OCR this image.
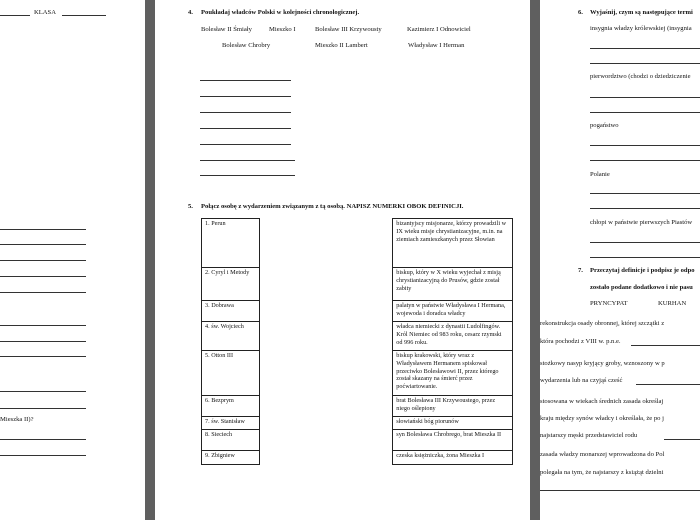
KLASA
Mieszka II)?
4. Poukładaj władców Polski w kolejności chronologicznej.
Bolesław II Śmiały	Mieszko I	Bolesław III Krzywousty	Kazimierz I Odnowiciel
Bolesław Chrobry	Mieszko II Lambert	Władysław I Herman
5. Połącz osobę z wydarzeniem związanym z tą osobą. NAPISZ NUMERKI OBOK DEFINICJI.
1. Perun		bizantyjscy misjonarze, którzy prowadzili w IX wieku misje chrystianizacyjne, m.in. na ziemiach zamieszkanych przez Słowian
2. Cyryl i Metody		biskup, który w X wieku wyjechał z misją chrystianizacyjną do Prusów, gdzie został zabity
3. Dobrawa		palatyn w państwie Władysława I Hermana, wojewoda i doradca władcy
4. św. Wojciech		władca niemiecki z dynastii Ludolfingów. Król Niemiec od 983 roku, cesarz rzymski od 996 roku.
5. Otton III		biskup krakowski, który wraz z Władysławem Hermanem spiskował przeciwko Bolesławowi II, przez którego został skazany na śmierć przez poćwiartowanie.
6. Bezprym		brat Bolesława III Krzywoustego, przez niego oślepiony
7. św. Stanisław		słowiański bóg piorunów
8. Sieciech		syn Bolesława Chrobrego, brat Mieszka II
9. Zbigniew		czeska księżniczka, żona Mieszka I
6. Wyjaśnij, czym są następujące termi
insygnia władzy królewskiej (insygnia
pierwordztwo (chodzi o dziedziczenie
pogaństwo
Polanie
chłopi w państwie pierwszych Piastów
7. Przeczytaj definicje i podpisz je odpo
zostało podane dodatkowo i nie pasu
PRYNCYPAT	KURHAN
rekonstrukcja osady obronnej, której szczątki z
która pochodzi z VIII w. p.n.e.
stożkowy nasyp kryjący groby, wznoszony w p
wydarzenia lub na czyjąś cześć
stosowana w wiekach średnich zasada określaj
kraju między synów władcy i określała, że po j
najstarszy męski przedstawiciel rodu
zasada władzy monarszej wprowadzona do Pol
polegała na tym, że najstarszy z książąt dzielni
